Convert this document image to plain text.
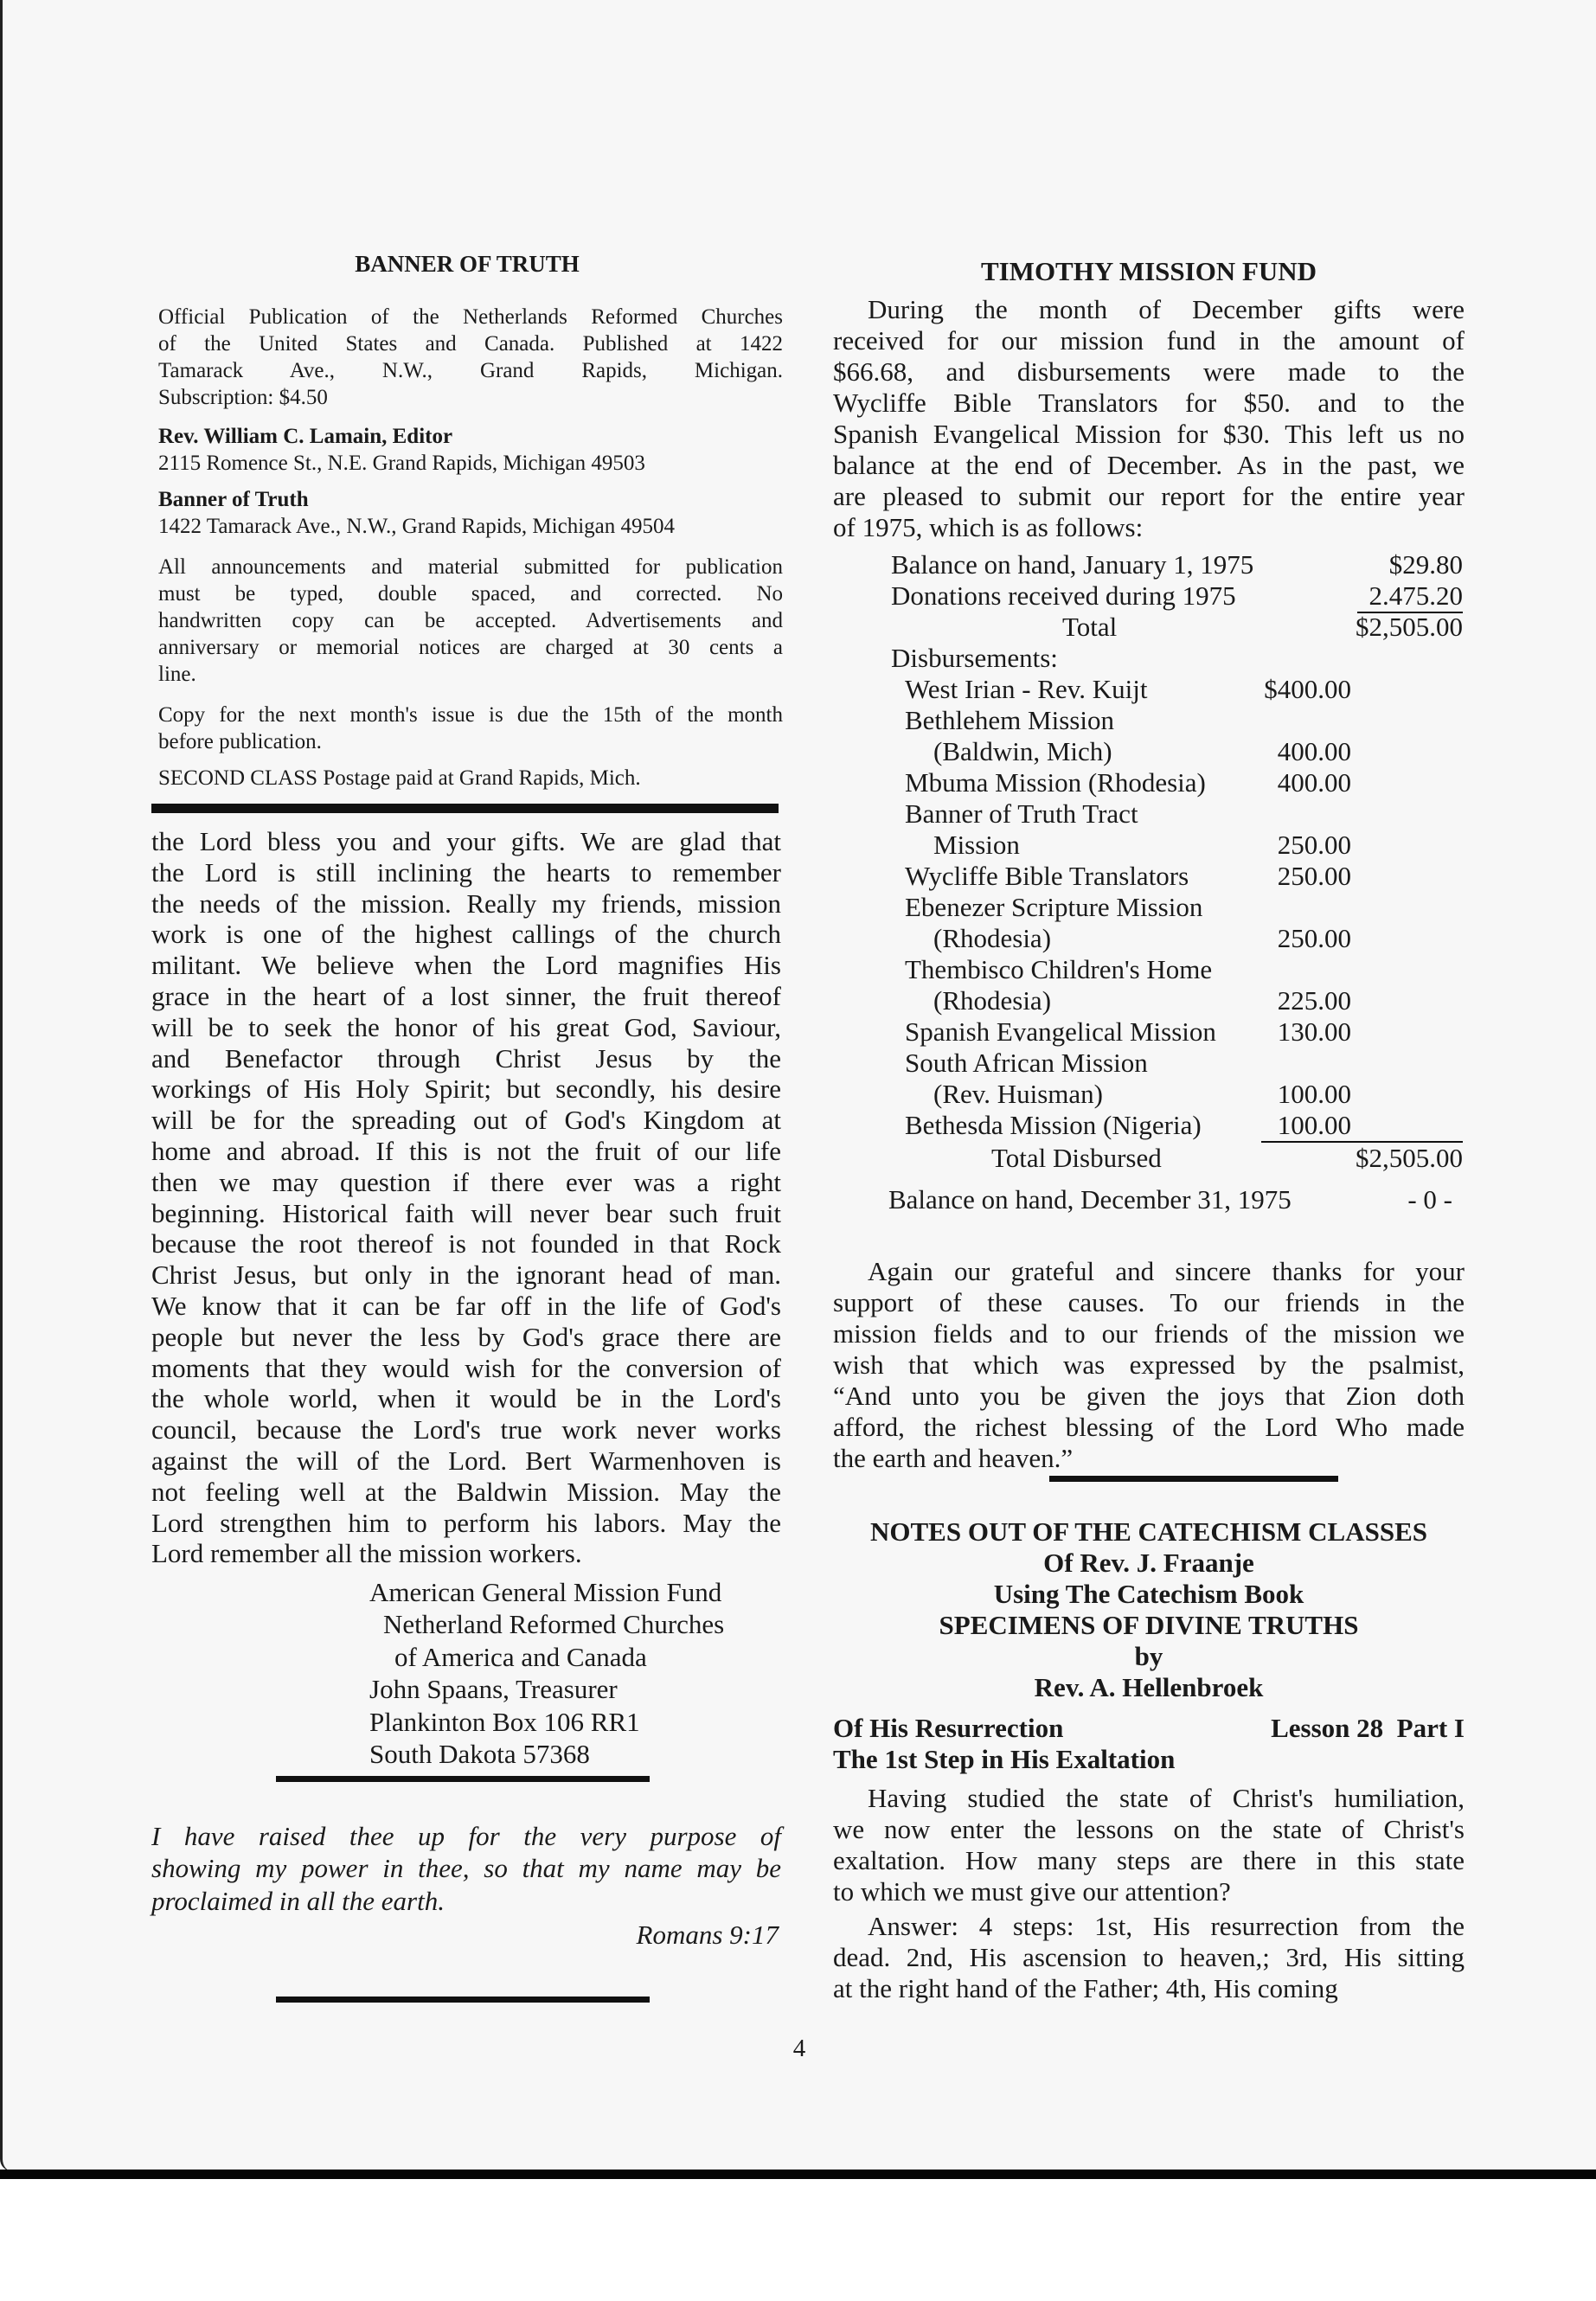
BANNER OF TRUTH
Official Publication of the Netherlands Reformed Churches
of the United States and Canada. Published at 1422
Tamarack Ave., N.W., Grand Rapids, Michigan.
Subscription: $4.50
Rev. William C. Lamain, Editor
2115 Romence St., N.E. Grand Rapids, Michigan 49503
Banner of Truth
1422 Tamarack Ave., N.W., Grand Rapids, Michigan 49504
All announcements and material submitted for publication
must be typed, double spaced, and corrected. No
handwritten copy can be accepted. Advertisements and
anniversary or memorial notices are charged at 30 cents a
line.
Copy for the next month's issue is due the 15th of the month
before publication.
SECOND CLASS Postage paid at Grand Rapids, Mich.
the Lord bless you and your gifts. We are glad that
the Lord is still inclining the hearts to remember
the needs of the mission. Really my friends, mission
work is one of the highest callings of the church
militant. We believe when the Lord magnifies His
grace in the heart of a lost sinner, the fruit thereof
will be to seek the honor of his great God, Saviour,
and Benefactor through Christ Jesus by the
workings of His Holy Spirit; but secondly, his desire
will be for the spreading out of God's Kingdom at
home and abroad. If this is not the fruit of our life
then we may question if there ever was a right
beginning. Historical faith will never bear such fruit
because the root thereof is not founded in that Rock
Christ Jesus, but only in the ignorant head of man.
We know that it can be far off in the life of God's
people but never the less by God's grace there are
moments that they would wish for the conversion of
the whole world, when it would be in the Lord's
council, because the Lord's true work never works
against the will of the Lord. Bert Warmenhoven is
not feeling well at the Baldwin Mission. May the
Lord strengthen him to perform his labors. May the
Lord remember all the mission workers.
American General Mission Fund
Netherland Reformed Churches
of America and Canada
John Spaans, Treasurer
Plankinton Box 106 RR1
South Dakota 57368
I have raised thee up for the very purpose of
showing my power in thee, so that my name may be
proclaimed in all the earth.
Romans 9:17
4
TIMOTHY MISSION FUND
During the month of December gifts were
received for our mission fund in the amount of
$66.68, and disbursements were made to the
Wycliffe Bible Translators for $50. and to the
Spanish Evangelical Mission for $30. This left us no
balance at the end of December. As in the past, we
are pleased to submit our report for the entire year
of 1975, which is as follows:
Balance on hand, January 1, 1975	$29.80
Donations received during 1975	2.475.20
Total	$2,505.00
Disbursements:
West Irian - Rev. Kuijt	$400.00
Bethlehem Mission
(Baldwin, Mich)	400.00
Mbuma Mission (Rhodesia)	400.00
Banner of Truth Tract
Mission	250.00
Wycliffe Bible Translators	250.00
Ebenezer Scripture Mission
(Rhodesia)	250.00
Thembisco Children's Home
(Rhodesia)	225.00
Spanish Evangelical Mission 130.00
South African Mission
(Rev. Huisman)	100.00
Bethesda Mission (Nigeria)	100.00
Total Disbursed	$2,505.00
Balance on hand, December 31, 1975	- 0 -
Again our grateful and sincere thanks for your
support of these causes. To our friends in the
mission fields and to our friends of the mission we
wish that which was expressed by the psalmist,
“And unto you be given the joys that Zion doth
afford, the richest blessing of the Lord Who made
the earth and heaven.”
NOTES OUT OF THE CATECHISM CLASSES
Of Rev. J. Fraanje
Using The Catechism Book
SPECIMENS OF DIVINE TRUTHS
by
Rev. A. Hellenbroek
Of His Resurrection	Lesson 28  Part I
The 1st Step in His Exaltation
Having studied the state of Christ's humiliation,
we now enter the lessons on the state of Christ's
exaltation. How many steps are there in this state
to which we must give our attention?
Answer: 4 steps: 1st, His resurrection from the
dead. 2nd, His ascension to heaven,; 3rd, His sitting
at the right hand of the Father; 4th, His coming
